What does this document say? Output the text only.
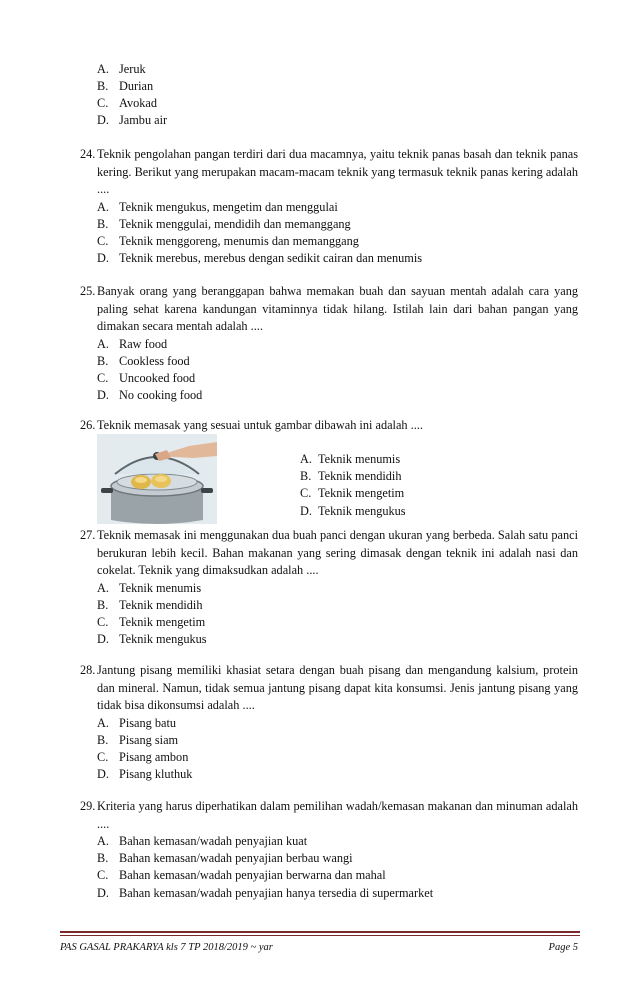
A. Jeruk
B. Durian
C. Avokad
D. Jambu air
24. Teknik pengolahan pangan terdiri dari dua macamnya, yaitu teknik panas basah dan teknik panas kering. Berikut yang merupakan macam-macam teknik yang termasuk teknik panas kering adalah ....
A. Teknik mengukus, mengetim dan menggulai
B. Teknik menggulai, mendidih dan memanggang
C. Teknik menggoreng, menumis dan memanggang
D. Teknik merebus, merebus dengan sedikit cairan dan menumis
25. Banyak orang yang beranggapan bahwa memakan buah dan sayuan mentah adalah cara yang paling sehat karena kandungan vitaminnya tidak hilang. Istilah lain dari bahan pangan yang dimakan secara mentah adalah ....
A. Raw food
B. Cookless food
C. Uncooked food
D. No cooking food
26. Teknik memasak yang sesuai untuk gambar dibawah ini adalah ....
A. Teknik menumis
B. Teknik mendidih
C. Teknik mengetim
D. Teknik mengukus
27. Teknik memasak ini menggunakan dua buah panci dengan ukuran yang berbeda. Salah satu panci berukuran lebih kecil. Bahan makanan yang sering dimasak dengan teknik ini adalah nasi dan cokelat. Teknik yang dimaksudkan adalah ....
A. Teknik menumis
B. Teknik mendidih
C. Teknik mengetim
D. Teknik mengukus
28. Jantung pisang memiliki khasiat setara dengan buah pisang dan mengandung kalsium, protein dan mineral. Namun, tidak semua jantung pisang dapat kita konsumsi. Jenis jantung pisang yang tidak bisa dikonsumsi adalah ....
A. Pisang batu
B. Pisang siam
C. Pisang ambon
D. Pisang kluthuk
29. Kriteria yang harus diperhatikan dalam pemilihan wadah/kemasan makanan dan minuman adalah ....
A. Bahan kemasan/wadah penyajian kuat
B. Bahan kemasan/wadah penyajian berbau wangi
C. Bahan kemasan/wadah penyajian berwarna dan mahal
D. Bahan kemasan/wadah penyajian hanya tersedia di supermarket
PAS GASAL PRAKARYA kls 7 TP 2018/2019 ~ yar	Page 5
